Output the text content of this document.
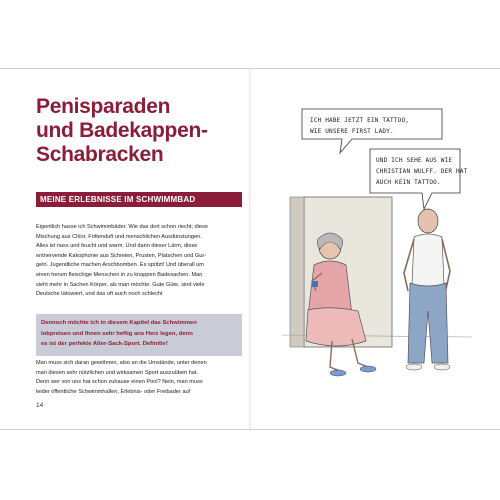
Penisparaden
und Badekappen-
Schabracken
MEINE ERLEBNISSE IM SCHWIMMBAD

Eigentlich hasse ich Schwimmbäder. Wie das dort schon riecht; diese
Mischung aus Chlor, Frittenduft und menschlichen Ausdünstungen.
Alles ist nass und feucht und warm. Und dann dieser Lärm, diese
entnervende Kakophonie aus Schreien, Prusten, Platschen und Gur-
geln. Jugendliche machen Arschbomben. Es spritzt! Und überall um
einen herum fleischige Menschen in zu knappen Badesachen. Man
sieht mehr in Sachen Körper, als man möchte. Gute Güte, sind viele
Deutsche tätowiert, und das oft auch noch schlecht

Dennoch möchte ich in diesem Kapitel das Schwimmen
lobpreisen und Ihnen sehr heftig ans Herz legen, denn
es ist der perfekte Alter-Sack-Sport. Definitiv!

Man muss sich daran gewöhnen, also an die Umstände, unter denen
man diesen sehr nützlichen und wirksamen Sport auszuüben hat.
Denn wer von uns hat schon zuhause einen Pool? Nein, man muss
leider öffentliche Schwimmhallen, Erlebnis- oder Freibader auf

14
ICH HABE JETZT EIN TATTOO,
WIE UNSERE FIRST LADY.
UND ICH SEHE AUS WIE
CHRISTIAN WULFF. DER HAT
AUCH KEIN TATTOO.
